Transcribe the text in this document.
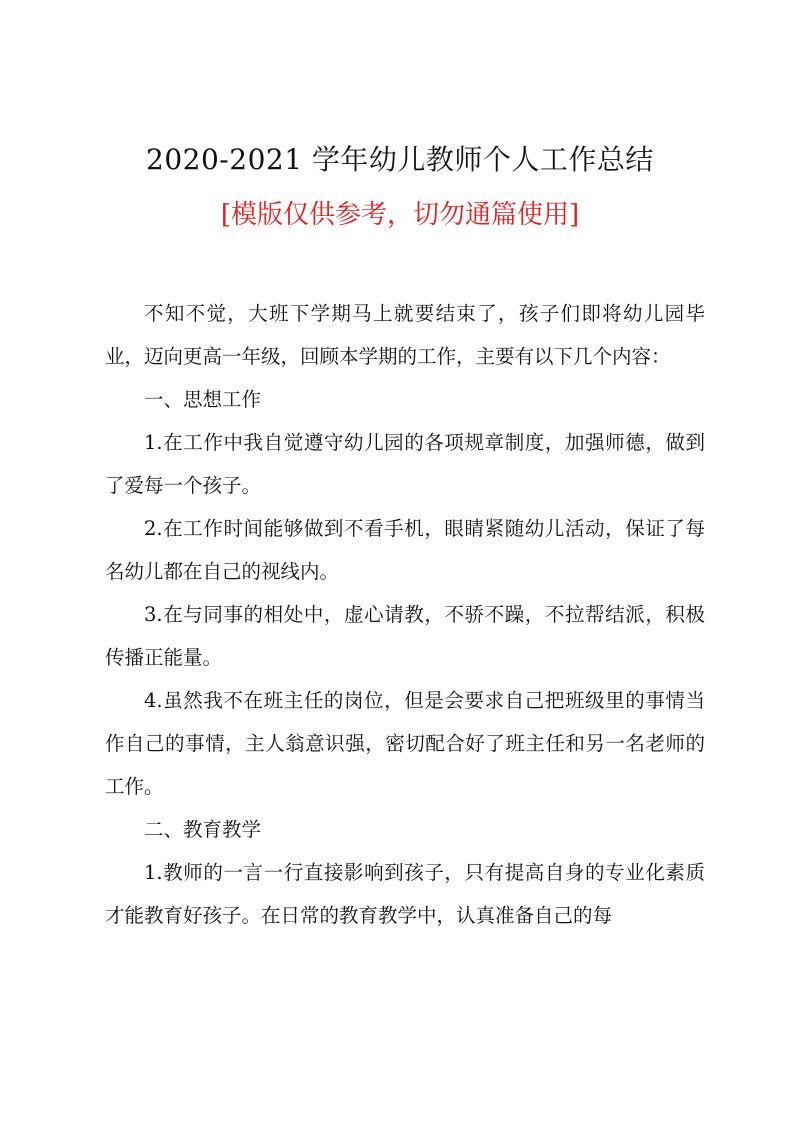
2020-2021 学年幼儿教师个人工作总结
[模版仅供参考，切勿通篇使用]

不知不觉，大班下学期马上就要结束了，孩子们即将幼儿园毕业，迈向更高一年级，回顾本学期的工作，主要有以下几个内容：

一、思想工作

1.在工作中我自觉遵守幼儿园的各项规章制度，加强师德，做到了爱每一个孩子。

2.在工作时间能够做到不看手机，眼睛紧随幼儿活动，保证了每名幼儿都在自己的视线内。

3.在与同事的相处中，虚心请教，不骄不躁，不拉帮结派，积极传播正能量。

4.虽然我不在班主任的岗位，但是会要求自己把班级里的事情当作自己的事情，主人翁意识强，密切配合好了班主任和另一名老师的工作。

二、教育教学

1.教师的一言一行直接影响到孩子，只有提高自身的专业化素质才能教育好孩子。在日常的教育教学中，认真准备自己的每
